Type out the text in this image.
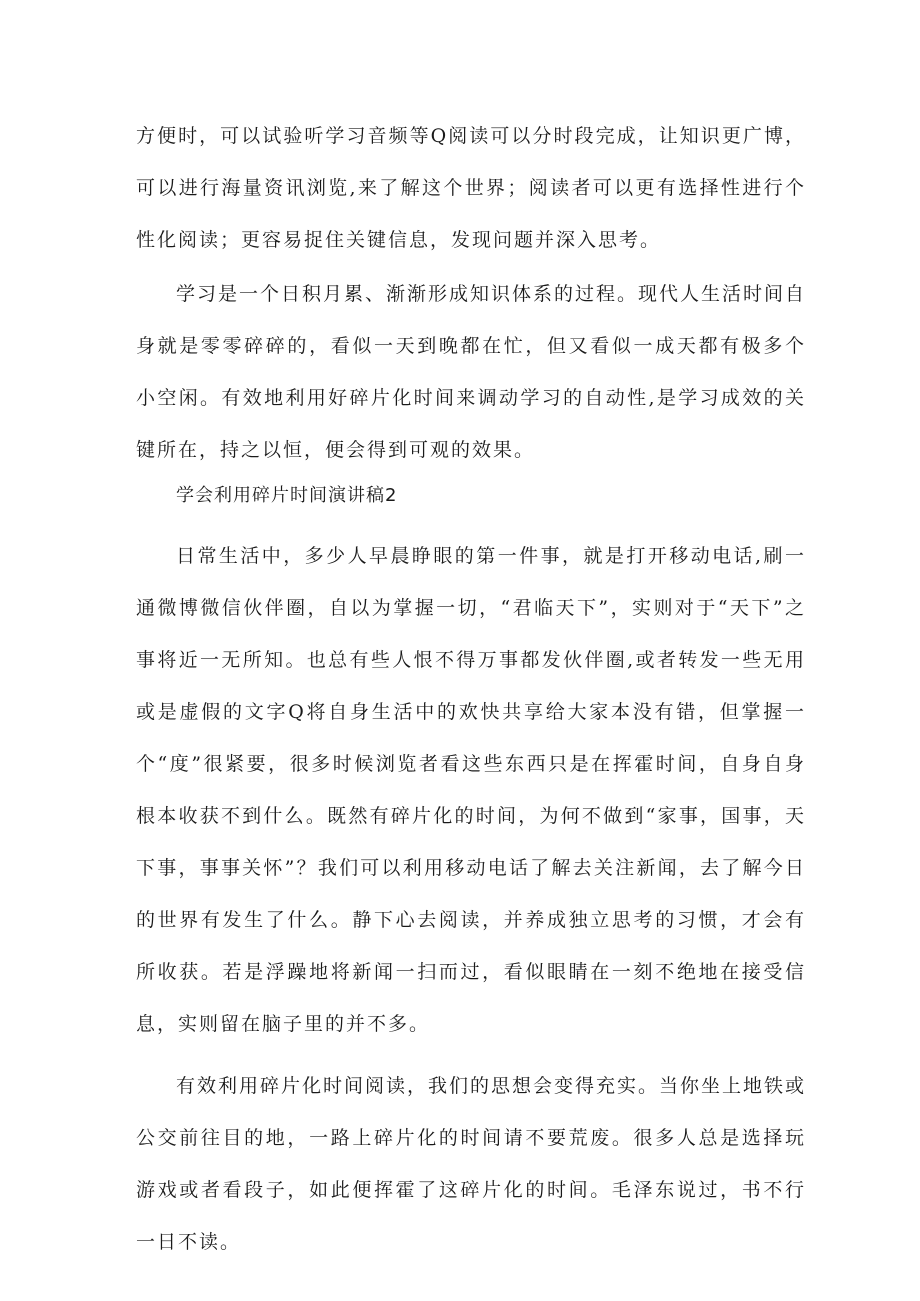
方便时，可以试验听学习音频等Q阅读可以分时段完成，让知识更广博，可以进行海量资讯浏览,来了解这个世界；阅读者可以更有选择性进行个性化阅读；更容易捉住关键信息，发现问题并深入思考。

学习是一个日积月累、渐渐形成知识体系的过程。现代人生活时间自身就是零零碎碎的，看似一天到晚都在忙，但又看似一成天都有极多个小空闲。有效地利用好碎片化时间来调动学习的自动性,是学习成效的关键所在，持之以恒，便会得到可观的效果。

学会利用碎片时间演讲稿2

日常生活中，多少人早晨睁眼的第一件事，就是打开移动电话,刷一通微博微信伙伴圈，自以为掌握一切，“君临天下”，实则对于“天下”之事将近一无所知。也总有些人恨不得万事都发伙伴圈,或者转发一些无用或是虚假的文字Q将自身生活中的欢快共享给大家本没有错，但掌握一个“度”很紧要，很多时候浏览者看这些东西只是在挥霍时间，自身自身根本收获不到什么。既然有碎片化的时间，为何不做到“家事，国事，天下事，事事关怀”？我们可以利用移动电话了解去关注新闻，去了解今日的世界有发生了什么。静下心去阅读，并养成独立思考的习惯，才会有所收获。若是浮躁地将新闻一扫而过，看似眼睛在一刻不绝地在接受信息，实则留在脑子里的并不多。

有效利用碎片化时间阅读，我们的思想会变得充实。当你坐上地铁或公交前往目的地，一路上碎片化的时间请不要荒废。很多人总是选择玩游戏或者看段子，如此便挥霍了这碎片化的时间。毛泽东说过，书不行一日不读。
